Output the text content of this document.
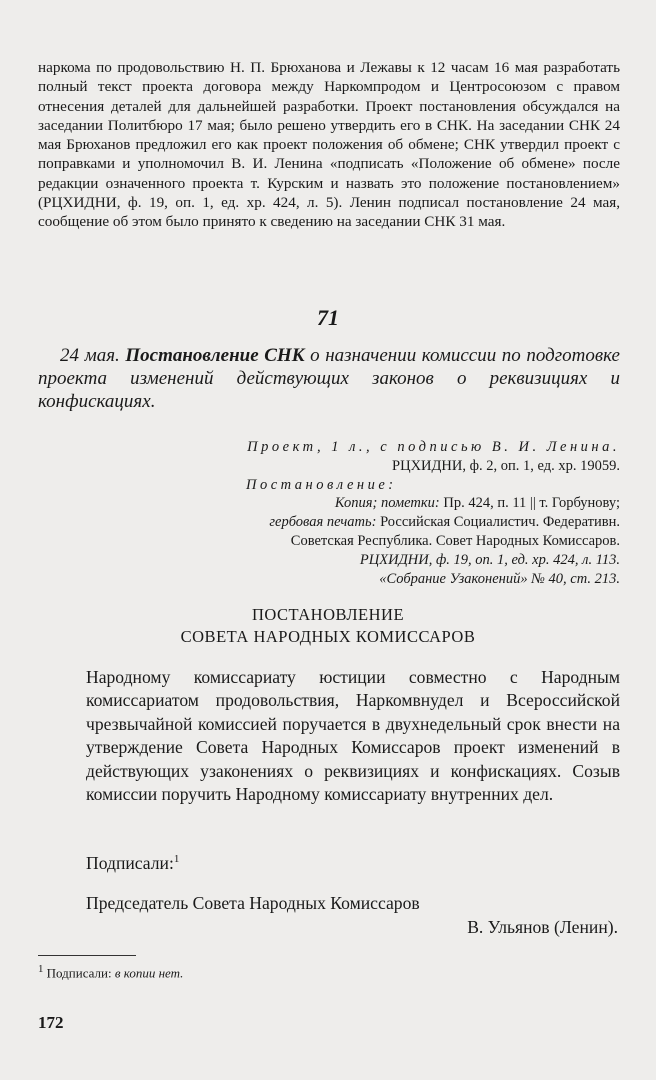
наркома по продовольствию Н. П. Брюханова и Лежавы к 12 часам 16 мая разработать полный текст проекта договора между Наркомпродом и Центросоюзом с правом отнесения деталей для дальнейшей разработки. Проект постановления обсуждался на заседании Политбюро 17 мая; было решено утвердить его в СНК. На заседании СНК 24 мая Брюханов предложил его как проект положения об обмене; СНК утвердил проект с поправками и уполномочил В. И. Ленина «подписать «Положение об обмене» после редакции означенного проекта т. Курским и назвать это положение постановлением» (РЦХИДНИ, ф. 19, оп. 1, ед. хр. 424, л. 5). Ленин подписал постановление 24 мая, сообщение об этом было принято к сведению на заседании СНК 31 мая.
71
24 мая. Постановление СНК о назначении комиссии по подготовке проекта изменений действующих законов о реквизициях и конфискациях.
Проект, 1 л., с подписью В. И. Ленина.
РЦХИДНИ, ф. 2, оп. 1, ед. хр. 19059.
Постановление:
Копия; пометки: Пр. 424, п. 11 || т. Горбунову;
гербовая печать: Российская Социалистич. Федеративн.
Советская Республика. Совет Народных Комиссаров.
РЦХИДНИ, ф. 19, оп. 1, ед. хр. 424, л. 113.
«Собрание Узаконений» № 40, ст. 213.
ПОСТАНОВЛЕНИЕ
СОВЕТА НАРОДНЫХ КОМИССАРОВ

Народному комиссариату юстиции совместно с Народным комиссариатом продовольствия, Наркомвнудел и Всероссийской чрезвычайной комиссией поручается в двухнедельный срок внести на утверждение Совета Народных Комиссаров проект изменений в действующих узаконениях о реквизициях и конфискациях. Созыв комиссии поручить Народному комиссариату внутренних дел.

Подписали:$^1$
Председатель Совета Народных Комиссаров
В. Ульянов (Ленин).
$^1$ Подписали: в копии нет.
172
